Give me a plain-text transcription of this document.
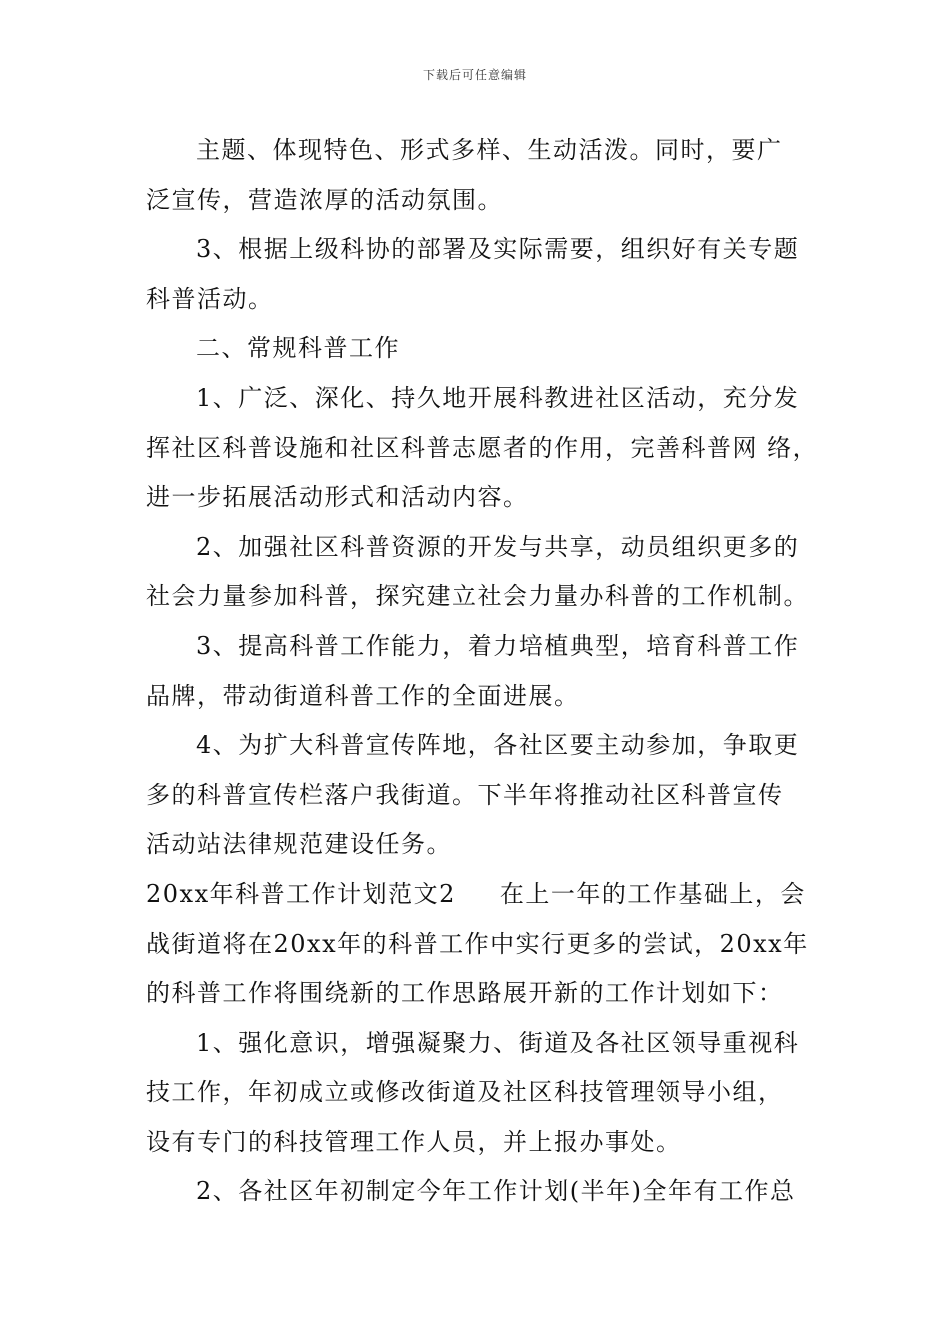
下载后可任意编辑
主题、体现特色、形式多样、生动活泼。同时，要广
泛宣传，营造浓厚的活动氛围。
3、根据上级科协的部署及实际需要，组织好有关专题
科普活动。
二、常规科普工作
1、广泛、深化、持久地开展科教进社区活动，充分发
挥社区科普设施和社区科普志愿者的作用，完善科普网 络，
进一步拓展活动形式和活动内容。
2、加强社区科普资源的开发与共享，动员组织更多的
社会力量参加科普，探究建立社会力量办科普的工作机制。
3、提高科普工作能力，着力培植典型，培育科普工作
品牌，带动街道科普工作的全面进展。
4、为扩大科普宣传阵地，各社区要主动参加，争取更
多的科普宣传栏落户我街道。下半年将推动社区科普宣传
活动站法律规范建设任务。
20xx年科普工作计划范文2 在上一年的工作基础上，会
战街道将在20xx年的科普工作中实行更多的尝试，20xx年
的科普工作将围绕新的工作思路展开新的工作计划如下：
1、强化意识，增强凝聚力、街道及各社区领导重视科
技工作，年初成立或修改街道及社区科技管理领导小组，
设有专门的科技管理工作人员，并上报办事处。
2、各社区年初制定今年工作计划(半年)全年有工作总
